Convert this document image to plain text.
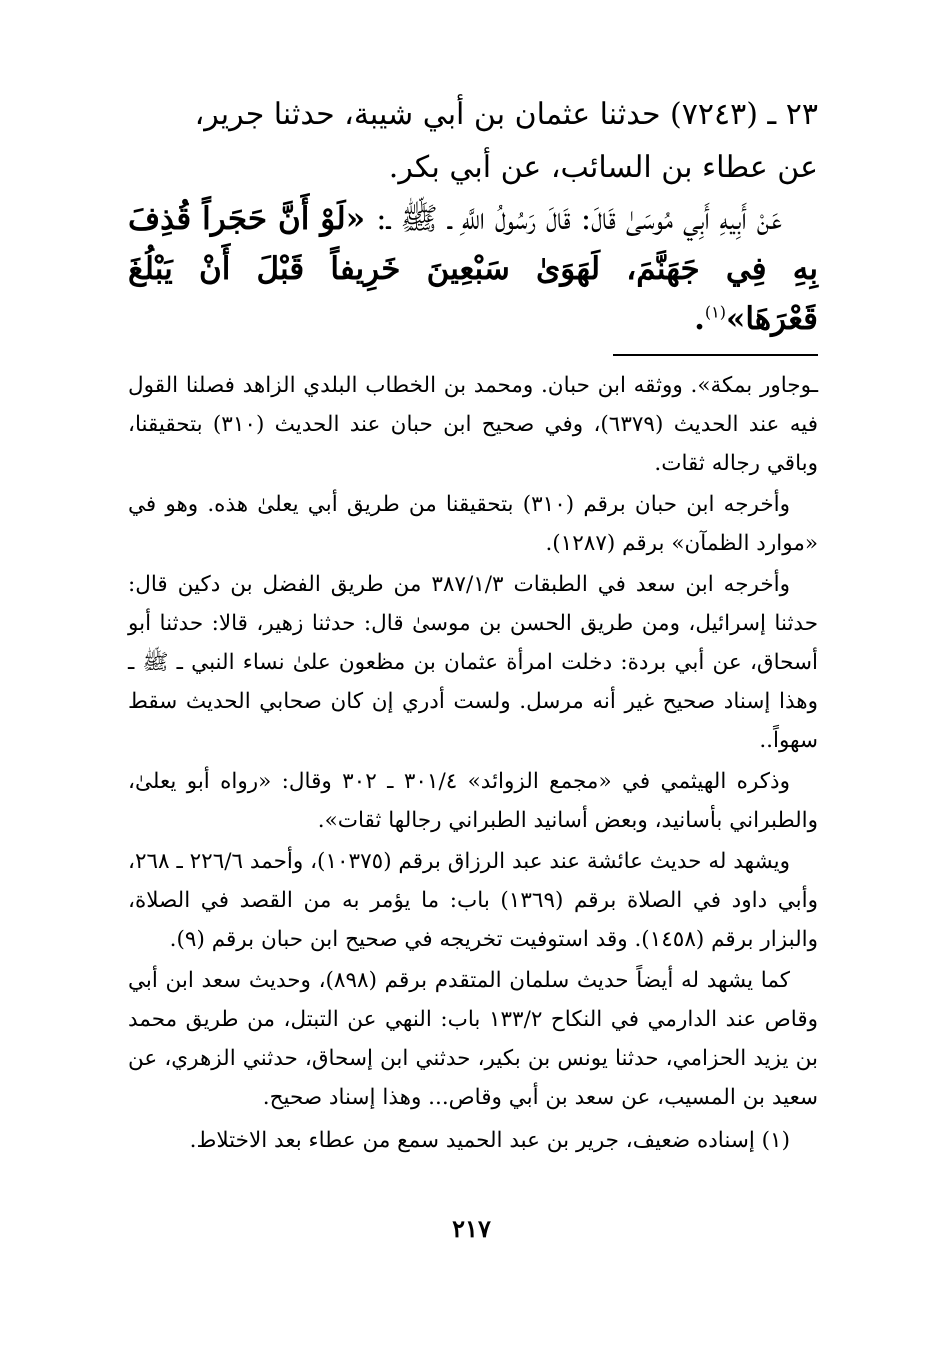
٢٣ ـ (٧٢٤٣) حدثنا عثمان بن أبي شيبة، حدثنا جرير،
عن عطاء بن السائب، عن أبي بكر.

عَنْ أَبِيهِ أَبِي مُوسَىٰ قَالَ: قَالَ رَسُولُ اللَّهِ ـ ﷺ ـ: «لَوْ أَنَّ حَجَراً قُذِفَ بِهِ فِي جَهَنَّمَ، لَهَوَىٰ سَبْعِينَ خَرِيفاً قَبْلَ أَنْ يَبْلُغَ قَعْرَهَا»$^{(١)}$.

ـوجاور بمكة». ووثقه ابن حبان. ومحمد بن الخطاب البلدي الزاهد فصلنا القول فيه عند الحديث (٦٣٧٩)، وفي صحيح ابن حبان عند الحديث (٣١٠) بتحقيقنا، وباقي رجاله ثقات.

وأخرجه ابن حبان برقم (٣١٠) بتحقيقنا من طريق أبي يعلىٰ هذه. وهو في «موارد الظمآن» برقم (١٢٨٧).

وأخرجه ابن سعد في الطبقات ٣٨٧/١/٣ من طريق الفضل بن دكين قال: حدثنا إسرائيل، ومن طريق الحسن بن موسىٰ قال: حدثنا زهير، قالا: حدثنا أبو أسحاق، عن أبي بردة: دخلت امرأة عثمان بن مظعون علىٰ نساء النبي ـ ﷺ ـ وهذا إسناد صحيح غير أنه مرسل. ولست أدري إن كان صحابي الحديث سقط سهواً..

وذكره الهيثمي في «مجمع الزوائد» ٣٠١/٤ ـ ٣٠٢ وقال: «رواه أبو يعلىٰ، والطبراني بأسانيد، وبعض أسانيد الطبراني رجالها ثقات».

ويشهد له حديث عائشة عند عبد الرزاق برقم (١٠٣٧٥)، وأحمد ٢٢٦/٦ ـ ٢٦٨، وأبي داود في الصلاة برقم (١٣٦٩) باب: ما يؤمر به من القصد في الصلاة، والبزار برقم (١٤٥٨). وقد استوفيت تخريجه في صحيح ابن حبان برقم (٩).

كما يشهد له أيضاً حديث سلمان المتقدم برقم (٨٩٨)، وحديث سعد ابن أبي وقاص عند الدارمي في النكاح ١٣٣/٢ باب: النهي عن التبتل، من طريق محمد بن يزيد الحزامي، حدثنا يونس بن بكير، حدثني ابن إسحاق، حدثني الزهري، عن سعيد بن المسيب، عن سعد بن أبي وقاص... وهذا إسناد صحيح.

(١) إسناده ضعيف، جرير بن عبد الحميد سمع من عطاء بعد الاختلاط.
٢١٧
